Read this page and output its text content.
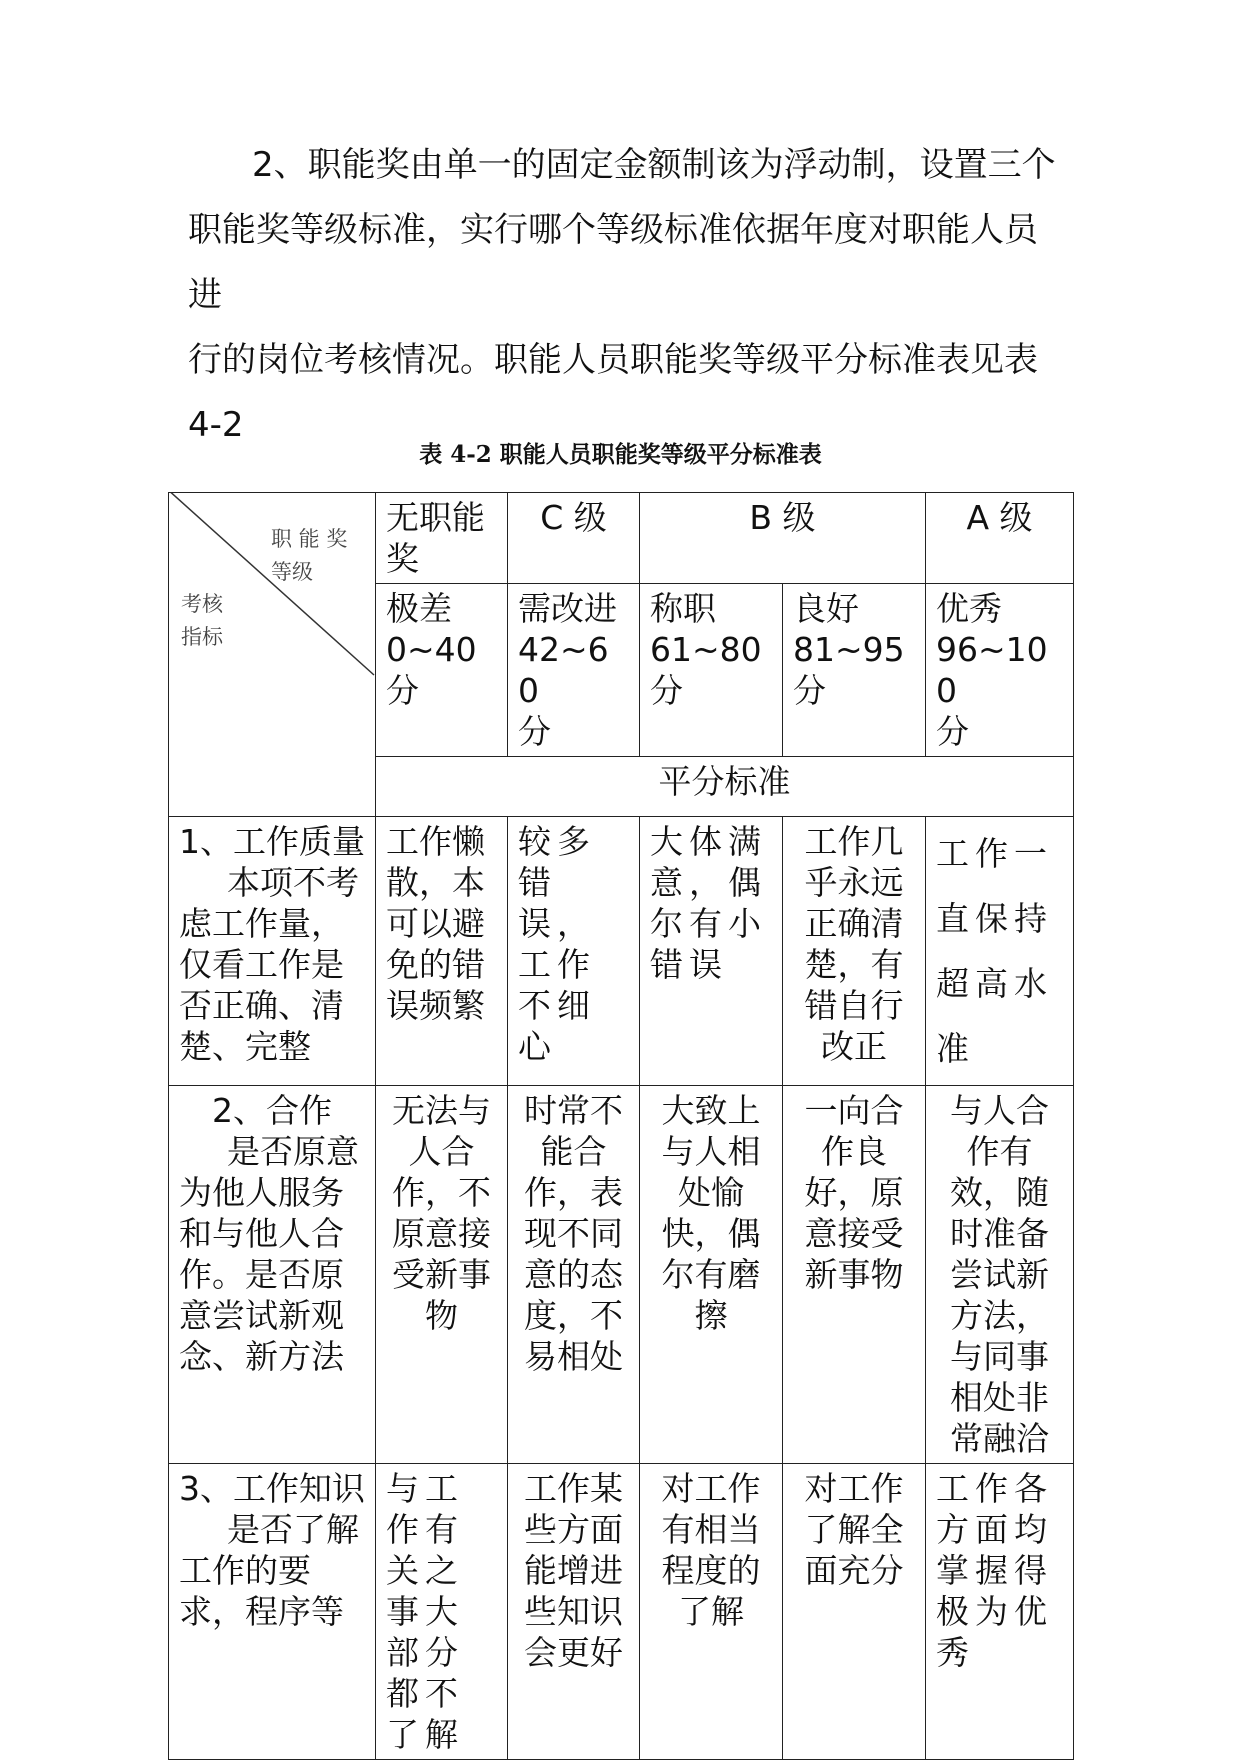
2、职能奖由单一的固定金额制该为浮动制，设置三个
职能奖等级标准，实行哪个等级标准依据年度对职能人员进
行的岗位考核情况。职能人员职能奖等级平分标准表见表
4-2
表 4-2 职能人员职能奖等级平分标准表
职 能 奖
等级
考核
指标	无职能奖	C 级	B 级		A 级

	极差
0~40
分	需改进
42~60
分	称职
61~80
分	良好
81~95
分	优秀
96~100
分

	平分标准				

1、工作质量
本项不考虑工作量，仅看工作是否正确、清楚、完整	工作懒散，本可以避免的错误频繁	较多错误，工作不细心	大体满意，偶尔有小错误	工作几乎永远正确清楚，有错自行改正	工作一直保持超高水准

2、合作
是否原意为他人服务和与他人合作。是否原意尝试新观念、新方法	无法与人合作，不原意接受新事物	时常不能合作，表现不同意的态度，不易相处	大致上与人相处愉快，偶尔有磨擦	一向合作良好，原意接受新事物	与人合作有效，随时准备尝试新方法，与同事相处非常融洽

3、工作知识
是否了解工作的要求，程序等	与工作有关之事大部分都不了解	工作某些方面能增进些知识会更好	对工作有相当程度的了解	对工作了解全面充分	工作各方面均掌握得极为优秀
